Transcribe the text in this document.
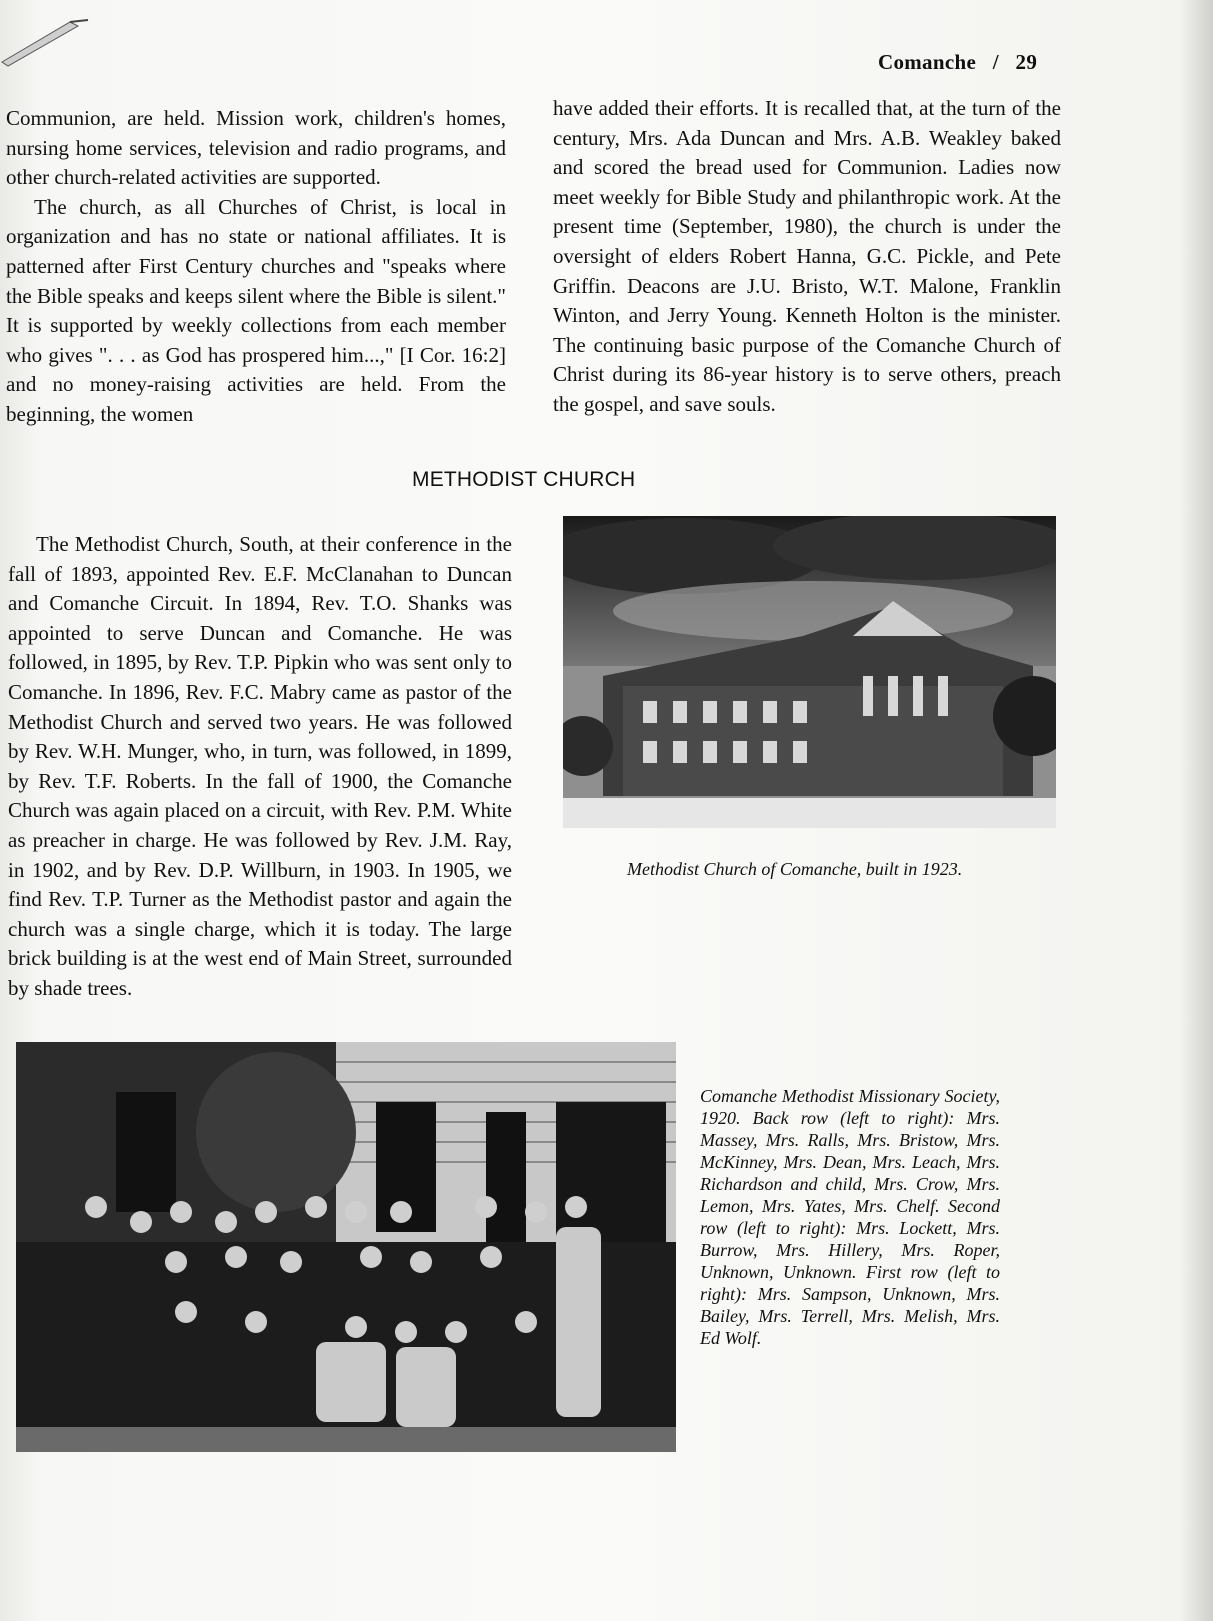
Comanche / 29

Communion, are held. Mission work, children's homes, nursing home services, television and radio programs, and other church-related activities are supported.

The church, as all Churches of Christ, is local in organization and has no state or national affiliates. It is patterned after First Century churches and "speaks where the Bible speaks and keeps silent where the Bible is silent." It is supported by weekly collections from each member who gives ". . . as God has prospered him...," [I Cor. 16:2] and no money-raising activities are held. From the beginning, the women

have added their efforts. It is recalled that, at the turn of the century, Mrs. Ada Duncan and Mrs. A.B. Weakley baked and scored the bread used for Communion. Ladies now meet weekly for Bible Study and philanthropic work. At the present time (September, 1980), the church is under the oversight of elders Robert Hanna, G.C. Pickle, and Pete Griffin. Deacons are J.U. Bristo, W.T. Malone, Franklin Winton, and Jerry Young. Kenneth Holton is the minister. The continuing basic purpose of the Comanche Church of Christ during its 86-year history is to serve others, preach the gospel, and save souls.

METHODIST CHURCH

The Methodist Church, South, at their conference in the fall of 1893, appointed Rev. E.F. McClanahan to Duncan and Comanche Circuit. In 1894, Rev. T.O. Shanks was appointed to serve Duncan and Comanche. He was followed, in 1895, by Rev. T.P. Pipkin who was sent only to Comanche. In 1896, Rev. F.C. Mabry came as pastor of the Methodist Church and served two years. He was followed by Rev. W.H. Munger, who, in turn, was followed, in 1899, by Rev. T.F. Roberts. In the fall of 1900, the Comanche Church was again placed on a circuit, with Rev. P.M. White as preacher in charge. He was followed by Rev. J.M. Ray, in 1902, and by Rev. D.P. Willburn, in 1903. In 1905, we find Rev. T.P. Turner as the Methodist pastor and again the church was a single charge, which it is today. The large brick building is at the west end of Main Street, surrounded by shade trees.

Methodist Church of Comanche, built in 1923.
Comanche Methodist Missionary Society, 1920. Back row (left to right): Mrs. Massey, Mrs. Ralls, Mrs. Bristow, Mrs. McKinney, Mrs. Dean, Mrs. Leach, Mrs. Richardson and child, Mrs. Crow, Mrs. Lemon, Mrs. Yates, Mrs. Chelf. Second row (left to right): Mrs. Lockett, Mrs. Burrow, Mrs. Hillery, Mrs. Roper, Unknown, Unknown. First row (left to right): Mrs. Sampson, Unknown, Mrs. Bailey, Mrs. Terrell, Mrs. Melish, Mrs. Ed Wolf.
